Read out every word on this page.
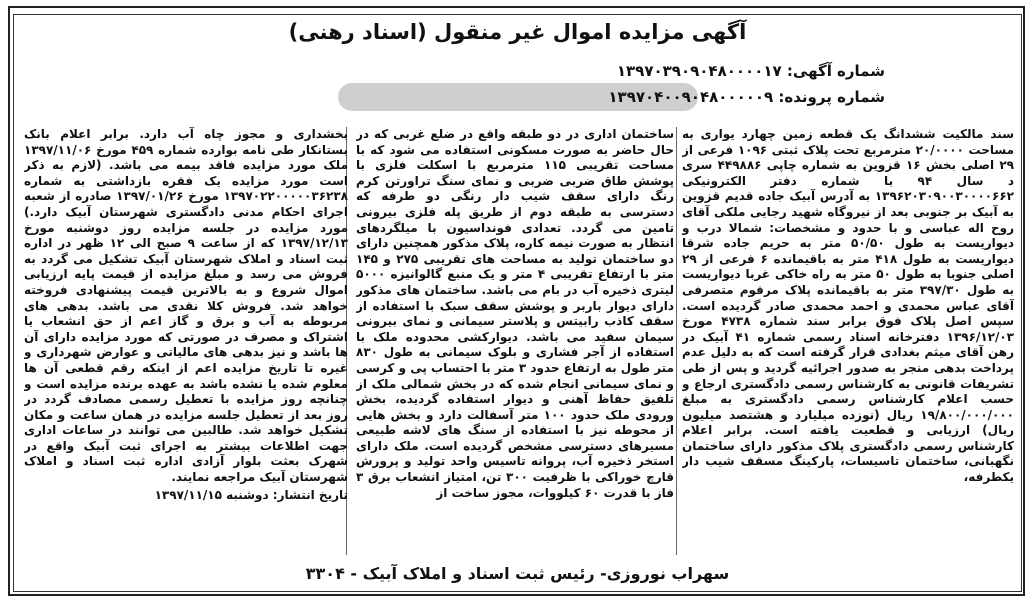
آگهی مزایده اموال غیر منقول (اسناد رهنی)
شماره آگهی: ۱۳۹۷۰۳۹۰۹۰۴۸۰۰۰۰۱۷
شماره پرونده: ۱۳۹۷۰۴۰۰۹۰۴۸۰۰۰۰۰۹
سند مالکیت ششدانگ یک قطعه زمین چهارد یواری به مساحت ۲۰/۰۰۰۰ مترمربع تحت پلاک ثبتی ۱۰۹۶ فرعی از ۲۹ اصلی بخش ۱۶ قزوین به شماره چاپی ۴۴۹۸۸۶ سری د سال ۹۴ با شماره دفتر الکترونیکی ۱۳۹۶۲۰۳۰۹۰۰۳۰۰۰۰۶۶۲ به آدرس آبیک جاده قدیم قزوین به آبیک بر جنوبی بعد از نیروگاه شهید رجایی ملکی آقای روح اله عباسی و با حدود و مشخصات: شمالا درب و دیواریست به طول ۵۰/۵۰ متر به حریم جاده شرقا دیواریست به طول ۴۱۸ متر به باقیمانده ۶ فرعی از ۲۹ اصلی جنوبا به طول ۵۰ متر به راه خاکی غربا دیواریست به طول ۳۹۷/۳۰ متر به باقیمانده پلاک مرقوم متصرفی آقای عباس محمدی و احمد محمدی صادر گردیده است. سپس اصل پلاک فوق برابر سند شماره ۴۷۳۸ مورخ ۱۳۹۶/۱۲/۰۳ دفترخانه اسناد رسمی شماره ۴۱ آبیک در رهن آقای میثم بغدادی قرار گرفته است که به دلیل عدم پرداخت بدهی منجر به صدور اجرائیه گردید و پس از طی تشریفات قانونی به کارشناس رسمی دادگستری ارجاع و حسب اعلام کارشناس رسمی دادگستری به مبلغ ۱۹/۸۰۰/۰۰۰/۰۰۰ ریال (نوزده میلیارد و هشتصد میلیون ریال) ارزیابی و قطعیت یافته است. برابر اعلام کارشناس رسمی دادگستری پلاک مذکور دارای ساختمان نگهبانی، ساختمان تاسیسات، پارکینگ مسقف شیب دار یکطرفه،
ساختمان اداری در دو طبقه واقع در ضلع غربی که در حال حاضر به صورت مسکونی استفاده می شود که با مساحت تقریبی ۱۱۵ مترمربع با اسکلت فلزی با پوشش طاق ضربی ضربی و نمای سنگ تراورتن کرم رنگ دارای سقف شیب دار رنگی دو طرفه که دسترسی به طبقه دوم از طریق پله فلزی بیرونی تامین می گردد. تعدادی فونداسیون با میلگردهای انتظار به صورت نیمه کاره، پلاک مذکور همچنین دارای دو ساختمان تولید به مساحت های تقریبی ۲۷۵ و ۱۴۵ متر با ارتفاع تقریبی ۴ متر و یک منبع گالوانیزه ۵۰۰۰ لیتری ذخیره آب در بام می باشد. ساختمان های مذکور دارای دیوار باربر و پوشش سقف سبک با استفاده از سقف کاذب رابیتس و پلاستر سیمانی و نمای بیرونی سیمان سفید می باشد. دیوارکشی محدوده ملک با استفاده از آجر فشاری و بلوک سیمانی به طول ۸۳۰ متر طول به ارتفاع حدود ۳ متر با احتساب پی و کرسی و نمای سیمانی انجام شده که در بخش شمالی ملک از تلفیق حفاظ آهنی و دیوار استفاده گردیده، بخش ورودی ملک حدود ۱۰۰ متر آسفالت دارد و بخش هایی از محوطه نیز با استفاده از سنگ های لاشه طبیعی مسیرهای دسترسی مشخص گردیده است. ملک دارای استخر ذخیره آب، پروانه تاسیس واحد تولید و پرورش قارچ خوراکی با ظرفیت ۳۰۰ تن، امتیاز انشعاب برق ۳ فاز با قدرت ۶۰ کیلووات، مجوز ساخت از
بخشداری و مجوز چاه آب دارد. برابر اعلام بانک بستانکار طی نامه بوارده شماره ۴۵۹ مورخ ۱۳۹۷/۱۱/۰۶ ملک مورد مزایده فاقد بیمه می باشد. (لازم به ذکر است مورد مزایده یک فقره بازداشتی به شماره ۱۳۹۷۰۲۲۰۰۰۰۰۳۶۲۳۸ مورخ ۱۳۹۷/۰۱/۲۶ صادره از شعبه اجرای احکام مدنی دادگستری شهرستان آبیک دارد.) مورد مزایده در جلسه مزایده روز دوشنبه مورخ ۱۳۹۷/۱۲/۱۳ که از ساعت ۹ صبح الی ۱۲ ظهر در اداره ثبت اسناد و املاک شهرستان آبیک تشکیل می گردد به فروش می رسد و مبلغ مزایده از قیمت پایه ارزیابی اموال شروع و به بالاترین قیمت پیشنهادی فروخته خواهد شد. فروش کلا نقدی می باشد. بدهی های مربوطه به آب و برق و گاز اعم از حق انشعاب یا اشتراک و مصرف در صورتی که مورد مزایده دارای آن ها باشد و نیز بدهی های مالیاتی و عوارض شهرداری و غیره تا تاریخ مزایده اعم از اینکه رقم قطعی آن ها معلوم شده یا نشده باشد به عهده برنده مزایده است و چنانچه روز مزایده با تعطیل رسمی مصادف گردد در روز بعد از تعطیل جلسه مزایده در همان ساعت و مکان تشکیل خواهد شد. طالبین می توانند در ساعات اداری جهت اطلاعات بیشتر به اجرای ثبت آبیک واقع در شهرک بعثت بلوار آزادی اداره ثبت اسناد و املاک شهرستان آبیک مراجعه نمایند.
تاریخ انتشار: دوشنبه ۱۳۹۷/۱۱/۱۵
سهراب نوروزی- رئیس ثبت اسناد و املاک آبیک - ۳۳۰۴
